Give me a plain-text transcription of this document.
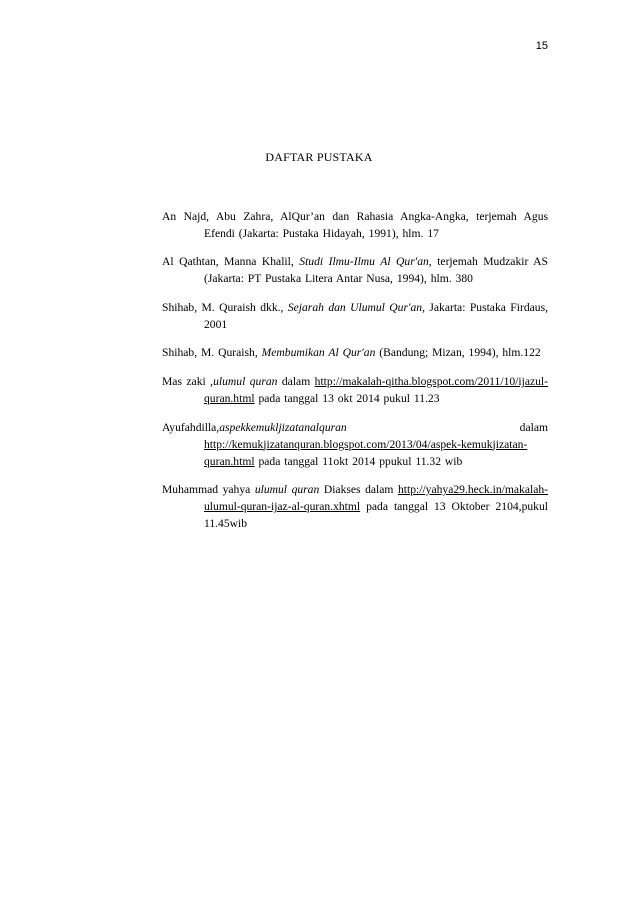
15
DAFTAR PUSTAKA

An Najd, Abu Zahra, AlQur’an dan Rahasia Angka-Angka, terjemah Agus Efendi (Jakarta: Pustaka Hidayah, 1991), hlm. 17

Al Qathtan, Manna Khalil, Studi Ilmu-Ilmu Al Qur'an, terjemah Mudzakir AS (Jakarta: PT Pustaka Litera Antar Nusa, 1994), hlm. 380

Shihab, M. Quraish dkk., Sejarah dan Ulumul Qur'an, Jakarta: Pustaka Firdaus, 2001

Shihab, M. Quraish, Membumikan Al Qur'an (Bandung; Mizan, 1994), hlm.122

Mas zaki ,ulumul quran dalam http://makalah-qitha.blogspot.com/2011/10/ijazul-quran.html pada tanggal 13 okt 2014 pukul 11.23

Ayufahdilla,aspekkemukljizatanalquran dalam http://kemukjizatanquran.blogspot.com/2013/04/aspek-kemukjizatan-quran.html pada tanggal 11okt 2014 ppukul 11.32 wib

Muhammad yahya ulumul quran Diakses dalam http://yahya29.heck.in/makalah-ulumul-quran-ijaz-al-quran.xhtml pada tanggal 13 Oktober 2104,pukul 11.45wib
